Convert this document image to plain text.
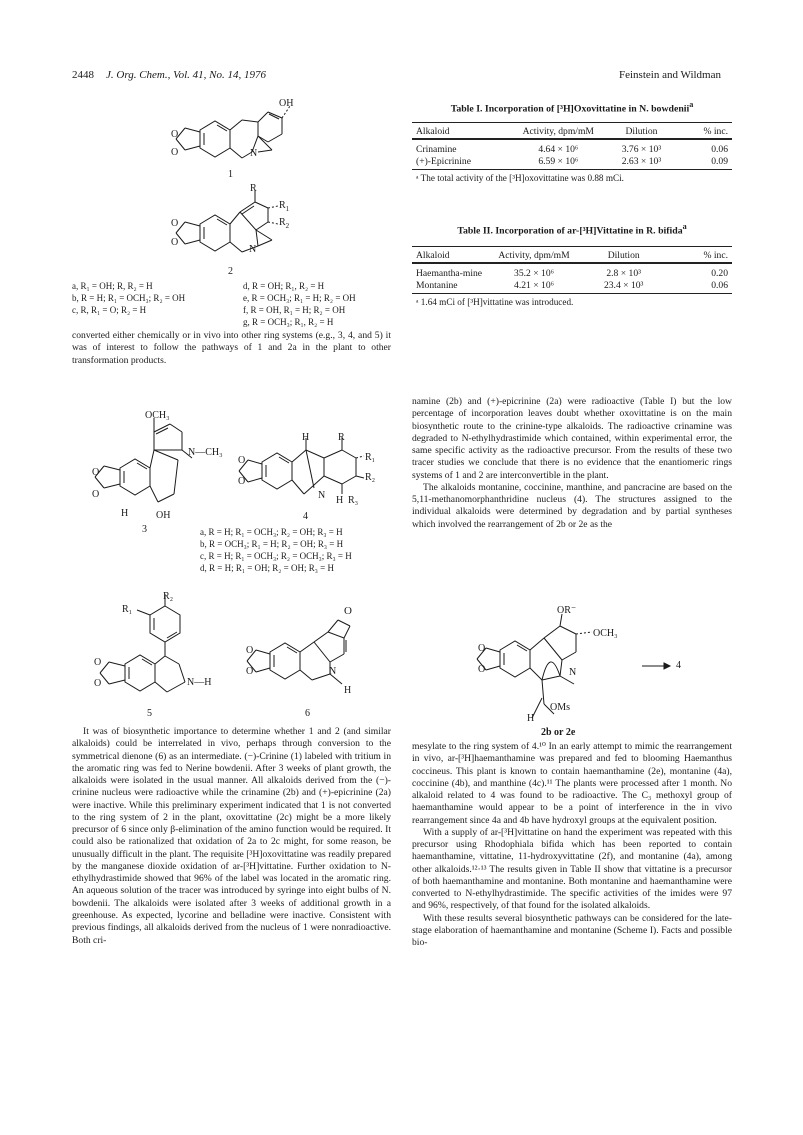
2448 J. Org. Chem., Vol. 41, No. 14, 1976	Feinstein and Wildman
OH
O
O	N
1
R
$R_1$
$R_2$
O
O
N
2
a, R₁ = OH; R, R₂ = H
b, R = H; R₁ = OCH₃; R₂ = OH
c, R, R₁ = O; R₂ = H
d, R = OH; R₁, R₂ = H
e, R = OCH₃; R₁ = H; R₂ = OH
f, R = OH, R₁ = H; R₂ = OH
g, R = OCH₃; R₁, R₂ = H

converted either chemically or in vivo into other ring systems (e.g., 3, 4, and 5) it was of interest to follow the pathways of 1 and 2a in the plant to other transformation products.

OCH₃
N—CH₃
O
O
H	OH
3
H	R
R₁
R₂
O
O
N H R₃
4
a, R = H; R₁ = OCH₃; R₂ = OH; R₃ = H
b, R = OCH₃; R₁ = H; R₂ = OH; R₃ = H
c, R = H; R₁ = OCH₃; R₂ = OCH₃; R₃ = H
d, R = H; R₁ = OH; R₂ = OH; R₃ = H
R₂
R₁
O
O	N—H
5
O
O
O	N
H
6

It was of biosynthetic importance to determine whether 1 and 2 (and similar alkaloids) could be interrelated in vivo, perhaps through conversion to the symmetrical dienone (6) as an intermediate. (−)-Crinine (1) labeled with tritium in the aromatic ring was fed to Nerine bowdenii. After 3 weeks of plant growth, the alkaloids were isolated in the usual manner. All alkaloids derived from the (−)-crinine nucleus were radioactive while the crinamine (2b) and (+)-epicrinine (2a) were inactive. While this preliminary experiment indicated that 1 is not converted to the ring system of 2 in the plant, oxovittatine (2c) might be a more likely precursor of 6 since only β-elimination of the amino function would be required. It could also be rationalized that oxidation of 2a to 2c might, for some reason, be unusually difficult in the plant. The requisite [³H]oxovittatine was readily prepared by the manganese dioxide oxidation of ar-[³H]vittatine. Further oxidation to N-ethylhydrastimide showed that 96% of the label was located in the aromatic ring. An aqueous solution of the tracer was introduced by syringe into eight bulbs of N. bowdenii. The alkaloids were isolated after 3 weeks of additional growth in a greenhouse. As expected, lycorine and belladine were inactive. Consistent with previous findings, all alkaloids derived from the nucleus of 1 were nonradioactive. Both cri-

Table I. Incorporation of [³H]Oxovittatine in N. bowdenii$^a$
Alkaloid	Activity, dpm/mM	Dilution	% inc.
Crinamine	4.64 × 10⁶	3.76 × 10³	0.06
(+)-Epicrinine	6.59 × 10⁶	2.63 × 10³	0.09
ᵃ The total activity of the [³H]oxovittatine was 0.88 mCi.			
Table II. Incorporation of ar-[³H]Vittatine in R. bifida$^a$
Alkaloid	Activity, dpm/mM	Dilution	% inc.
Haemantha-mine	35.2 × 10⁶	2.8 × 10³	0.20
Montanine	4.21 × 10⁶	23.4 × 10³	0.06
ᵃ 1.64 mCi of [³H]vittatine was introduced.			

namine (2b) and (+)-epicrinine (2a) were radioactive (Table I) but the low percentage of incorporation leaves doubt whether oxovittatine is on the main biosynthetic route to the crinine-type alkaloids. The radioactive crinamine was degraded to N-ethylhydrastimide which contained, within experimental error, the same specific activity as the radioactive precursor. From the results of these two tracer studies we conclude that there is no evidence that the enantiomeric rings systems of 1 and 2 are interconvertible in the plant.

The alkaloids montanine, coccinine, manthine, and pancracine are based on the 5,11-methanomorphanthridine nucleus (4). The structures assigned to the individual alkaloids were determined by degradation and by partial syntheses which involved the rearrangement of 2b or 2e as the

OR⁻
OCH₃
4
O
O	N
H
OMs
2b or 2e

mesylate to the ring system of 4.¹⁰ In an early attempt to mimic the rearrangement in vivo, ar-[³H]haemanthamine was prepared and fed to blooming Haemanthus coccineus. This plant is known to contain haemanthamine (2e), montanine (4a), coccinine (4b), and manthine (4c).¹¹ The plants were processed after 1 month. No alkaloid related to 4 was found to be radioactive. The C₃ methoxyl group of haemanthamine would appear to be a point of interference in the in vivo rearrangement since 4a and 4b have hydroxyl groups at the equivalent position.

With a supply of ar-[³H]vittatine on hand the experiment was repeated with this precursor using Rhodophiala bifida which has been reported to contain haemanthamine, vittatine, 11-hydroxyvittatine (2f), and montanine (4a), among other alkaloids.¹²·¹³ The results given in Table II show that vittatine is a precursor of both haemanthamine and montanine. Both montanine and haemanthamine were converted to N-ethylhydrastimide. The specific activities of the imides were 97 and 96%, respectively, of that found for the isolated alkaloids.

With these results several biosynthetic pathways can be considered for the late-stage elaboration of haemanthamine and montanine (Scheme I). Facts and possible bio-
